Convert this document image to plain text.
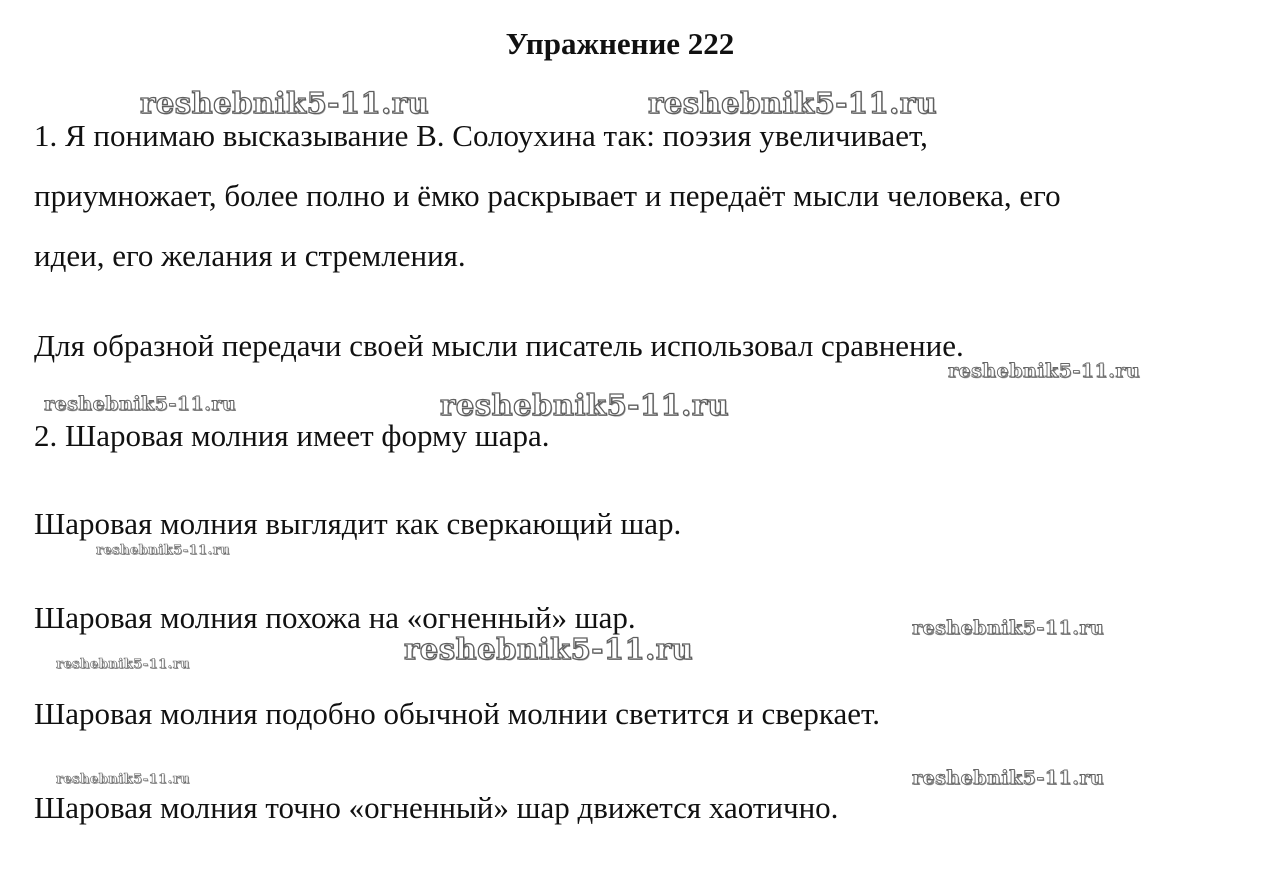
Упражнение 222
reshebnik5-11.ru	reshebnik5-11.ru
reshebnik5-11.ru
reshebnik5-11.ru	reshebnik5-11.ru
reshebnik5-11.ru
reshebnik5-11.ru
reshebnik5-11.ru
reshebnik5-11.ru
reshebnik5-11.ru	reshebnik5-11.ru
1. Я понимаю высказывание В. Солоухина так: поэзия увеличивает,
приумножает, более полно и ёмко раскрывает и передаёт мысли человека, его
идеи, его желания и стремления.
Для образной передачи своей мысли писатель использовал сравнение.
2. Шаровая молния имеет форму шара.
Шаровая молния выглядит как сверкающий шар.
Шаровая молния похожа на «огненный» шар.
Шаровая молния подобно обычной молнии светится и сверкает.
Шаровая молния точно «огненный» шар движется хаотично.
